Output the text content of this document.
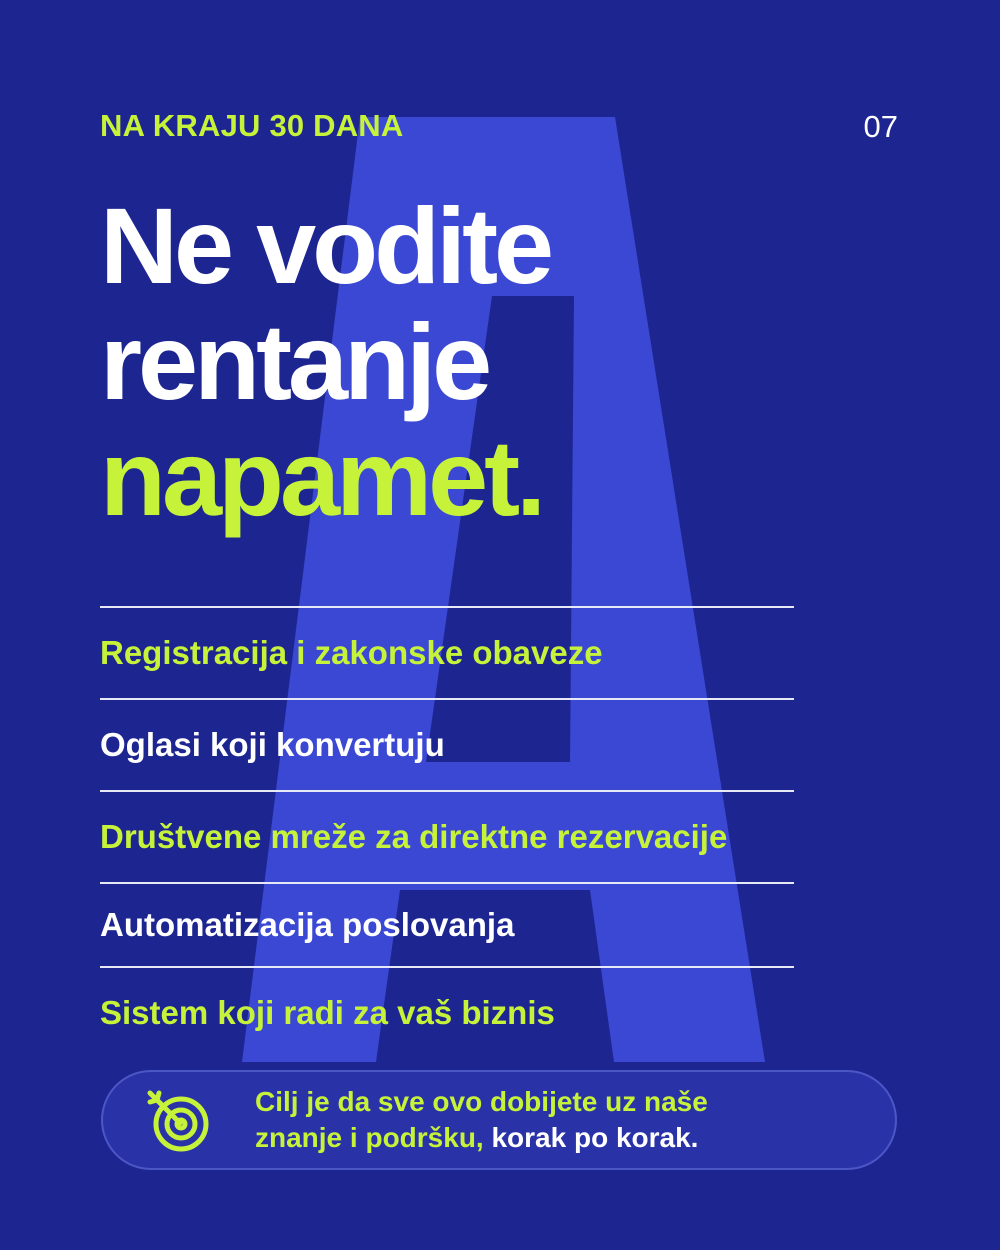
NA KRAJU 30 DANA	07
Ne vodite
rentanje
napamet.
Registracija i zakonske obaveze
Oglasi koji konvertuju
Društvene mreže za direktne rezervacije
Automatizacija poslovanja
Sistem koji radi za vaš biznis
Cilj je da sve ovo dobijete uz naše
znanje i podršku, korak po korak.
